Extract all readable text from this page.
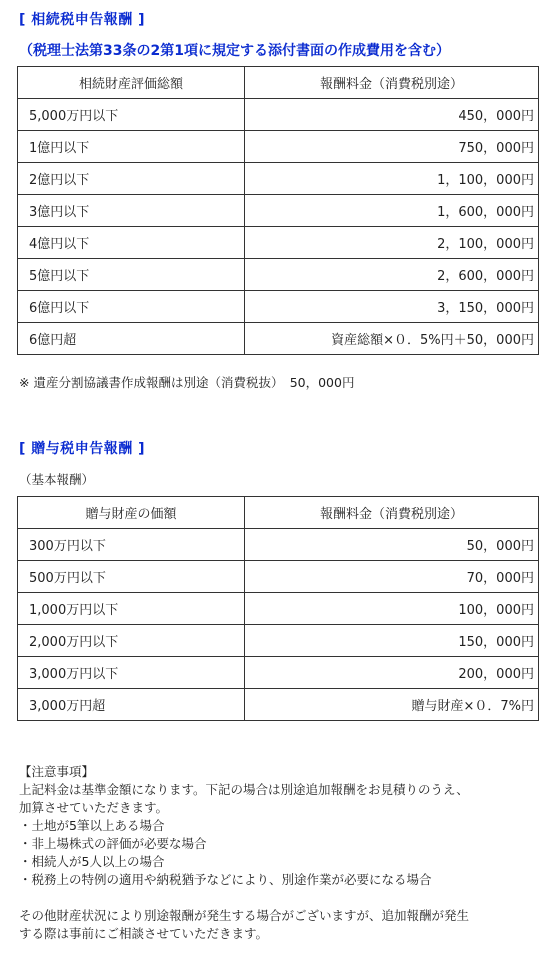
[ 相続税申告報酬 ]
（税理士法第33条の2第1項に規定する添付書面の作成費用を含む）
相続財産評価総額	報酬料金（消費税別途）
5,000万円以下	450，000円
1億円以下	750，000円
2億円以下	1，100，000円
3億円以下	1，600，000円
4億円以下	2，100，000円
5億円以下	2，600，000円
6億円以下	3，150，000円
6億円超	資産総額×０．5%円＋50，000円
※ 遺産分割協議書作成報酬は別途（消費税抜）　50，000円
[ 贈与税申告報酬 ]
（基本報酬）
贈与財産の価額	報酬料金（消費税別途）
300万円以下	50，000円
500万円以下	70，000円
1,000万円以下	100，000円
2,000万円以下	150，000円
3,000万円以下	200，000円
3,000万円超	贈与財産×０．7%円
【注意事項】
上記料金は基準金額になります。下記の場合は別途追加報酬をお見積りのうえ、
加算させていただきます。
・土地が5筆以上ある場合
・非上場株式の評価が必要な場合
・相続人が5人以上の場合
・税務上の特例の適用や納税猶予などにより、別途作業が必要になる場合
その他財産状況により別途報酬が発生する場合がございますが、追加報酬が発生
する際は事前にご相談させていただきます。
